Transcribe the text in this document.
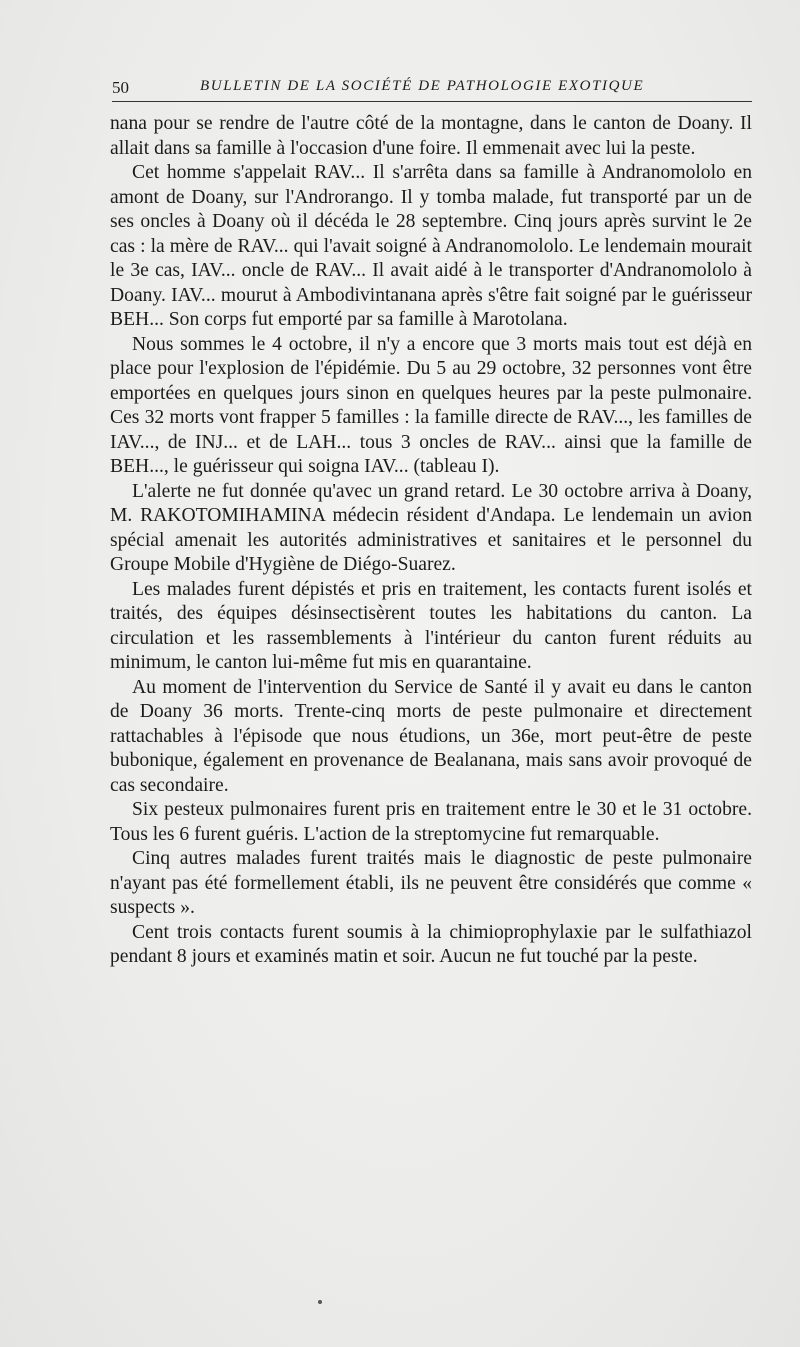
50	BULLETIN DE LA SOCIÉTÉ DE PATHOLOGIE EXOTIQUE

nana pour se rendre de l'autre côté de la montagne, dans le canton de Doany. Il allait dans sa famille à l'occasion d'une foire. Il emmenait avec lui la peste.

Cet homme s'appelait RAV... Il s'arrêta dans sa famille à Andranomololo en amont de Doany, sur l'Androrango. Il y tomba malade, fut transporté par un de ses oncles à Doany où il décéda le 28 septembre. Cinq jours après survint le 2e cas : la mère de RAV... qui l'avait soigné à Andranomololo. Le lendemain mourait le 3e cas, IAV... oncle de RAV... Il avait aidé à le transporter d'Andranomololo à Doany. IAV... mourut à Ambodivintanana après s'être fait soigné par le guérisseur BEH... Son corps fut emporté par sa famille à Marotolana.

Nous sommes le 4 octobre, il n'y a encore que 3 morts mais tout est déjà en place pour l'explosion de l'épidémie. Du 5 au 29 octobre, 32 personnes vont être emportées en quelques jours sinon en quelques heures par la peste pulmonaire. Ces 32 morts vont frapper 5 familles : la famille directe de RAV..., les familles de IAV..., de INJ... et de LAH... tous 3 oncles de RAV... ainsi que la famille de BEH..., le guérisseur qui soigna IAV... (tableau I).

L'alerte ne fut donnée qu'avec un grand retard. Le 30 octobre arriva à Doany, M. RAKOTOMIHAMINA médecin résident d'Andapa. Le lendemain un avion spécial amenait les autorités administratives et sanitaires et le personnel du Groupe Mobile d'Hygiène de Diégo-Suarez.

Les malades furent dépistés et pris en traitement, les contacts furent isolés et traités, des équipes désinsectisèrent toutes les habitations du canton. La circulation et les rassemblements à l'intérieur du canton furent réduits au minimum, le canton lui-même fut mis en quarantaine.

Au moment de l'intervention du Service de Santé il y avait eu dans le canton de Doany 36 morts. Trente-cinq morts de peste pulmonaire et directement rattachables à l'épisode que nous étudions, un 36e, mort peut-être de peste bubonique, également en provenance de Bealanana, mais sans avoir provoqué de cas secondaire.

Six pesteux pulmonaires furent pris en traitement entre le 30 et le 31 octobre. Tous les 6 furent guéris. L'action de la streptomycine fut remarquable.

Cinq autres malades furent traités mais le diagnostic de peste pulmonaire n'ayant pas été formellement établi, ils ne peuvent être considérés que comme « suspects ».

Cent trois contacts furent soumis à la chimioprophylaxie par le sulfathiazol pendant 8 jours et examinés matin et soir. Aucun ne fut touché par la peste.
